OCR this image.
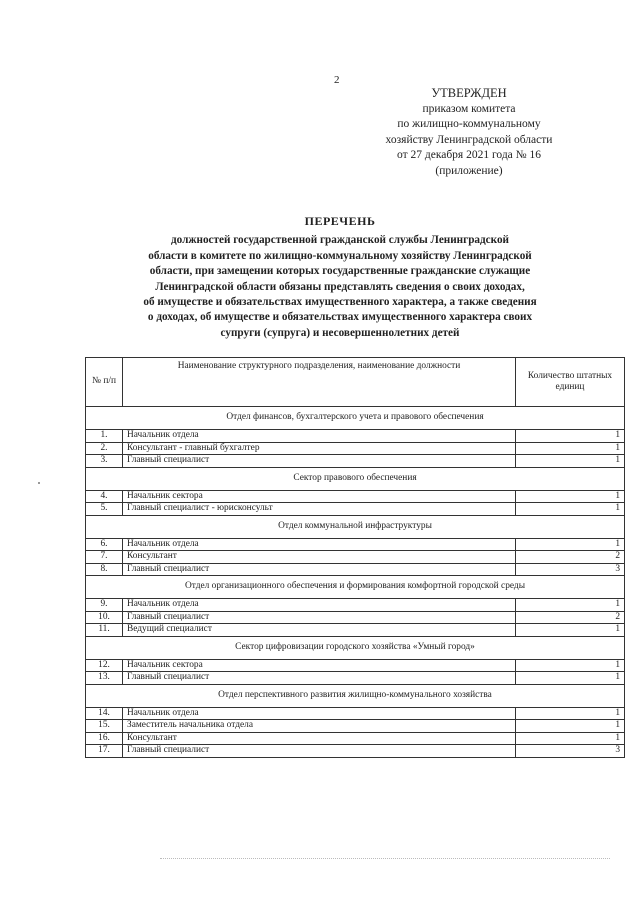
2
УТВЕРЖДЕН
приказом комитета
по жилищно-коммунальному
хозяйству Ленинградской области
от 27 декабря 2021 года № 16
(приложение)
ПЕРЕЧЕНЬ
должностей государственной гражданской службы Ленинградской
области в комитете по жилищно-коммунальному хозяйству Ленинградской
области, при замещении которых государственные гражданские служащие
Ленинградской области обязаны представлять сведения о своих доходах,
об имуществе и обязательствах имущественного характера, а также сведения
о доходах, об имуществе и обязательствах имущественного характера своих
супруги (супруга) и несовершеннолетних детей
№ п/п	Наименование структурного подразделения, наименование должности	Количество штатных единиц
Отдел финансов, бухгалтерского учета и правового обеспечения		
1.	Начальник отдела	1
2.	Консультант - главный бухгалтер	1
3.	Главный специалист	1
Сектор правового обеспечения		
4.	Начальник сектора	1
5.	Главный специалист - юрисконсульт	1
Отдел коммунальной инфраструктуры		
6.	Начальник отдела	1
7.	Консультант	2
8.	Главный специалист	3
Отдел организационного обеспечения и формирования комфортной городской среды		
9.	Начальник отдела	1
10.	Главный специалист	2
11.	Ведущий специалист	1
Сектор цифровизации городского хозяйства «Умный город»		
12.	Начальник сектора	1
13.	Главный специалист	1
Отдел перспективного развития жилищно-коммунального хозяйства		
14.	Начальник отдела	1
15.	Заместитель начальника отдела	1
16.	Консультант	1
17.	Главный специалист	3
